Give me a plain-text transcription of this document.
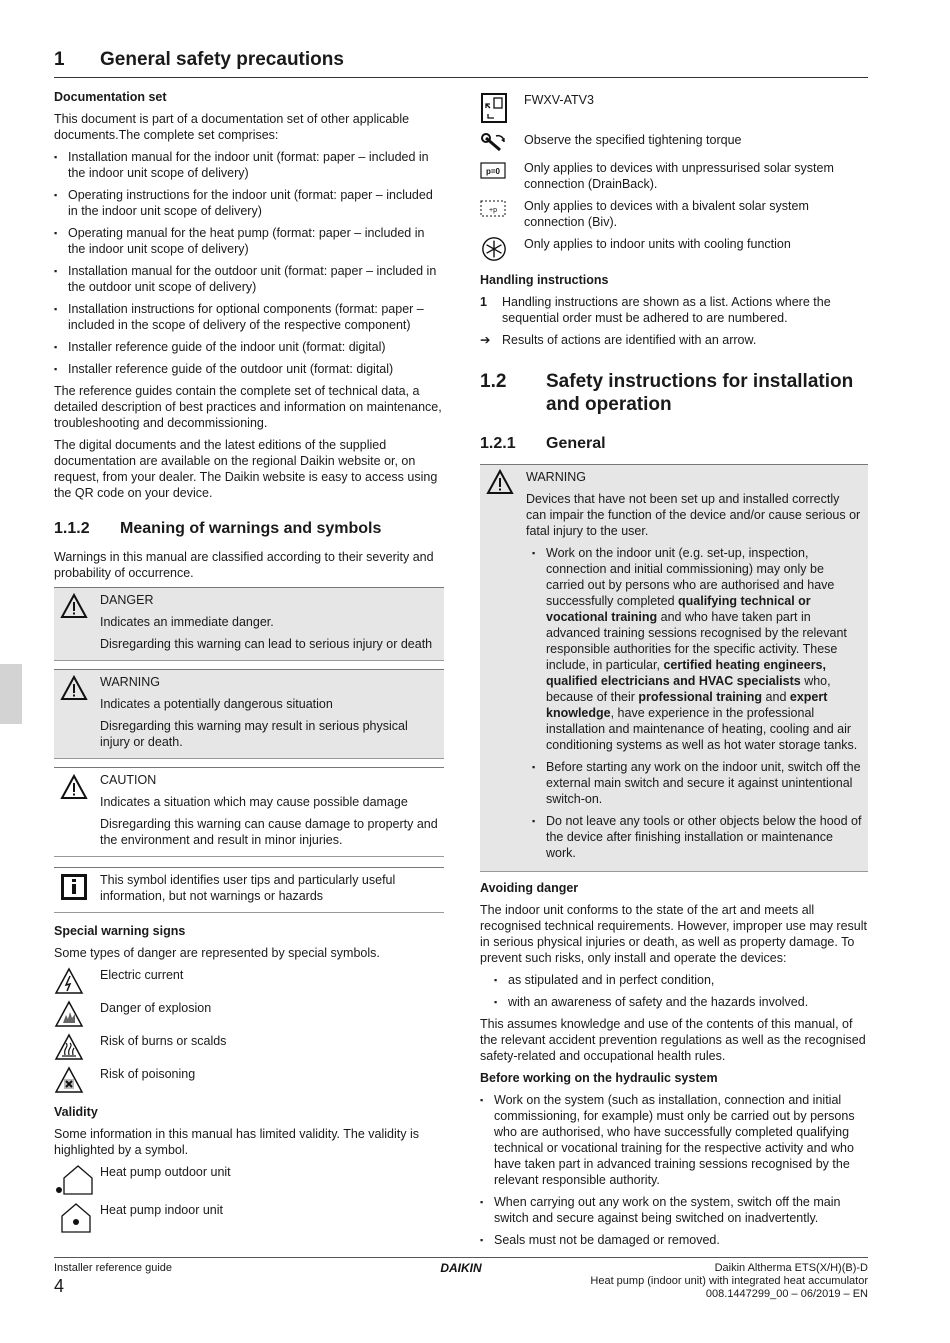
1 General safety precautions
Documentation set

This document is part of a documentation set of other applicable documents.The complete set comprises:

▪ Installation manual for the indoor unit (format: paper – included in the indoor unit scope of delivery)
▪ Operating instructions for the indoor unit (format: paper – included in the indoor unit scope of delivery)
▪ Operating manual for the heat pump (format: paper – included in the indoor unit scope of delivery)
▪ Installation manual for the outdoor unit (format: paper – included in the outdoor unit scope of delivery)
▪ Installation instructions for optional components (format: paper – included in the scope of delivery of the respective component)
▪ Installer reference guide of the indoor unit (format: digital)
▪ Installer reference guide of the outdoor unit (format: digital)

The reference guides contain the complete set of technical data, a detailed description of best practices and information on maintenance, troubleshooting and decommissioning.

The digital documents and the latest editions of the supplied documentation are available on the regional Daikin website or, on request, from your dealer. The Daikin website is easy to access using the QR code on your device.

1.1.2 Meaning of warnings and symbols

Warnings in this manual are classified according to their severity and probability of occurrence.

DANGER

Indicates an immediate danger.

Disregarding this warning can lead to serious injury or death

WARNING

Indicates a potentially dangerous situation

Disregarding this warning may result in serious physical injury or death.

CAUTION

Indicates a situation which may cause possible damage

Disregarding this warning can cause damage to property and the environment and result in minor injuries.

This symbol identifies user tips and particularly useful information, but not warnings or hazards

Special warning signs

Some types of danger are represented by special symbols.

Electric current
Danger of explosion
Risk of burns or scalds
Risk of poisoning
Validity

Some information in this manual has limited validity. The validity is highlighted by a symbol.

Heat pump outdoor unit
Heat pump indoor unit
FWXV-ATV3
Observe the specified tightening torque
p=0 Only applies to devices with unpressurised solar system connection (DrainBack).
+p Only applies to devices with a bivalent solar system connection (Biv).
Only applies to indoor units with cooling function
Handling instructions
1 Handling instructions are shown as a list. Actions where the sequential order must be adhered to are numbered.
➔ Results of actions are identified with an arrow.
1.2 Safety instructions for installation and operation
1.2.1 General

WARNING

Devices that have not been set up and installed correctly can impair the function of the device and/or cause serious or fatal injury to the user.

▪ Work on the indoor unit (e.g. set-up, inspection, connection and initial commissioning) may only be carried out by persons who are authorised and have successfully completed qualifying technical or vocational training and who have taken part in advanced training sessions recognised by the relevant responsible authorities for the specific activity. These include, in particular, certified heating engineers, qualified electricians and HVAC specialists who, because of their professional training and expert knowledge, have experience in the professional installation and maintenance of heating, cooling and air conditioning systems as well as hot water storage tanks.
▪ Before starting any work on the indoor unit, switch off the external main switch and secure it against unintentional switch-on.
▪ Do not leave any tools or other objects below the hood of the device after finishing installation or maintenance work.
Avoiding danger

The indoor unit conforms to the state of the art and meets all recognised technical requirements. However, improper use may result in serious physical injuries or death, as well as property damage. To prevent such risks, only install and operate the devices:

▪ as stipulated and in perfect condition,
▪ with an awareness of safety and the hazards involved.

This assumes knowledge and use of the contents of this manual, of the relevant accident prevention regulations as well as the recognised safety-related and occupational health rules.

Before working on the hydraulic system
▪ Work on the system (such as installation, connection and initial commissioning, for example) must only be carried out by persons who are authorised, who have successfully completed qualifying technical or vocational training for the respective activity and who have taken part in advanced training sessions recognised by the relevant responsible authority.
▪ When carrying out any work on the system, switch off the main switch and secure against being switched on inadvertently.
▪ Seals must not be damaged or removed.
Installer reference guide
4
DAIKIN	Daikin Altherma ETS(X/H)(B)-D
Heat pump (indoor unit) with integrated heat accumulator
008.1447299_00 – 06/2019 – EN
